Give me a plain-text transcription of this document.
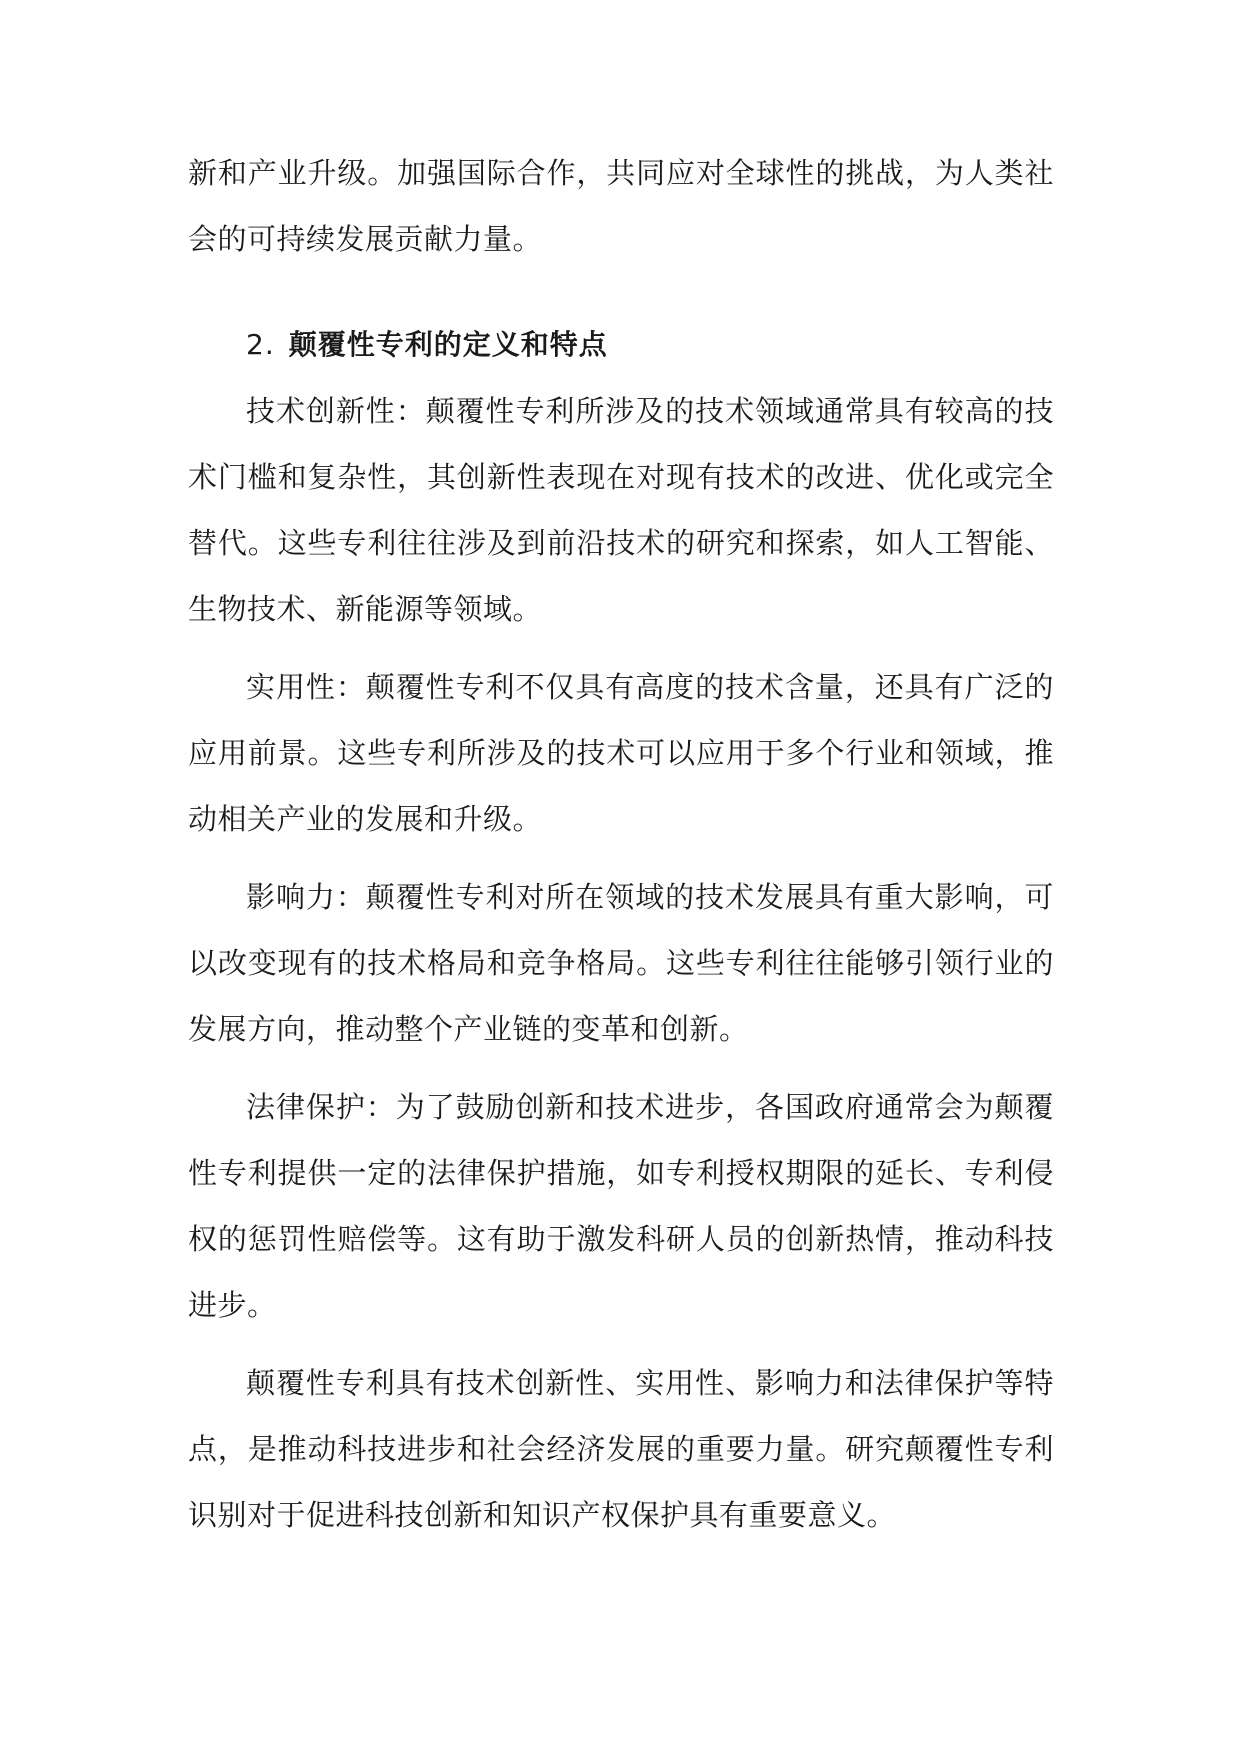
新和产业升级。加强国际合作，共同应对全球性的挑战，为人类社会的可持续发展贡献力量。

2. 颠覆性专利的定义和特点

技术创新性：颠覆性专利所涉及的技术领域通常具有较高的技术门槛和复杂性，其创新性表现在对现有技术的改进、优化或完全替代。这些专利往往涉及到前沿技术的研究和探索，如人工智能、生物技术、新能源等领域。

实用性：颠覆性专利不仅具有高度的技术含量，还具有广泛的应用前景。这些专利所涉及的技术可以应用于多个行业和领域，推动相关产业的发展和升级。

影响力：颠覆性专利对所在领域的技术发展具有重大影响，可以改变现有的技术格局和竞争格局。这些专利往往能够引领行业的发展方向，推动整个产业链的变革和创新。

法律保护：为了鼓励创新和技术进步，各国政府通常会为颠覆性专利提供一定的法律保护措施，如专利授权期限的延长、专利侵权的惩罚性赔偿等。这有助于激发科研人员的创新热情，推动科技进步。

颠覆性专利具有技术创新性、实用性、影响力和法律保护等特点，是推动科技进步和社会经济发展的重要力量。研究颠覆性专利识别对于促进科技创新和知识产权保护具有重要意义。
